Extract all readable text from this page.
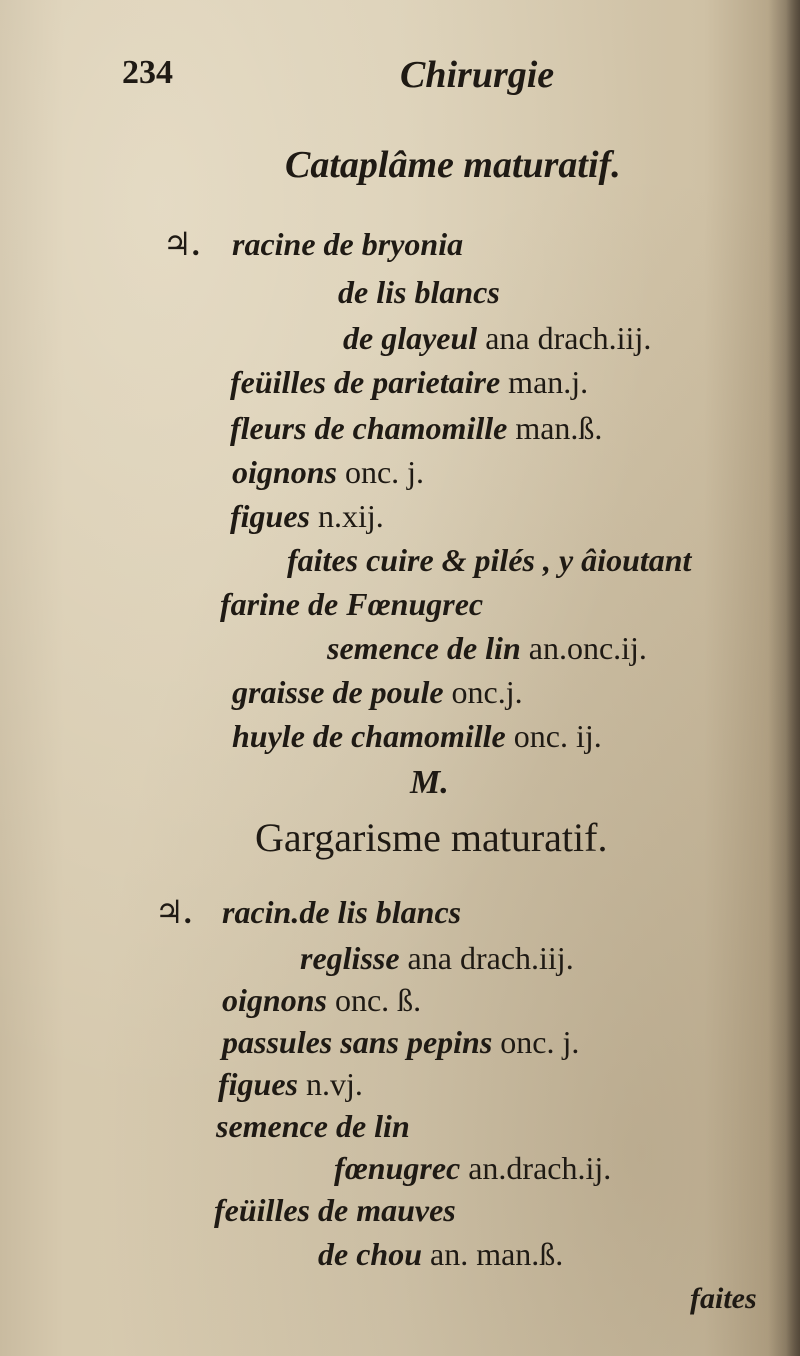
234	Chirurgie
Cataplâme maturatif.
♃. racine de bryonia
de lis blancs
de glayeul ana drach.iij.
feüilles de parietaire man.j.
fleurs de chamomille man.ß.
oignons onc. j.
figues n.xij.
faites cuire & pilés , y âioutant
farine de Fœnugrec
semence de lin an.onc.ij.
graisse de poule onc.j.
huyle de chamomille onc. ij.
M.
Gargarisme maturatif.
♃. racin.de lis blancs
reglisse ana drach.iij.
oignons onc. ß.
passules sans pepins onc. j.
figues n.vj.
semence de lin
fœnugrec an.drach.ij.
feüilles de mauves
de chou an. man.ß.
faites
